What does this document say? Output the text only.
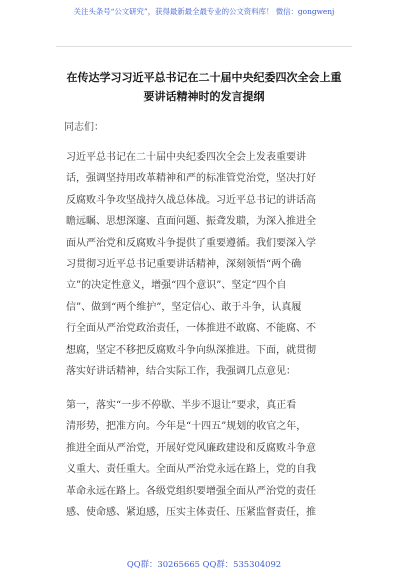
关注头条号“公文研究”，获得最新最全最专业的公文资料库！ 微信：gongwenj
在传达学习习近平总书记在二十届中央纪委四次全会上重
要讲话精神时的发言提纲
同志们：
习近平总书记在二十届中央纪委四次全会上发表重要讲
话，强调坚持用改革精神和严的标准管党治党，坚决打好
反腐败斗争攻坚战持久战总体战。习近平总书记的讲话高
瞻远瞩、思想深邃、直面问题、振聋发聩，为深入推进全
面从严治党和反腐败斗争提供了重要遵循。我们要深入学
习贯彻习近平总书记重要讲话精神，深刻领悟“两个确
立”的决定性意义，增强“四个意识”、坚定“四个自
信”、做到“两个维护”，坚定信心、敢于斗争，认真履
行全面从严治党政治责任，一体推进不敢腐、不能腐、不
想腐，坚定不移把反腐败斗争向纵深推进。下面，就贯彻
落实好讲话精神，结合实际工作，我强调几点意见：
第一，落实“一步不停歇、半步不退让”要求，真正看
清形势，把准方向。今年是“十四五”规划的收官之年，
推进全面从严治党，开展好党风廉政建设和反腐败斗争意
义重大、责任重大。全面从严治党永远在路上，党的自我
革命永远在路上。各级党组织要增强全面从严治党的责任
感、使命感、紧迫感，压实主体责任、压紧监督责任，推
QQ群：30265665 QQ群：535304092
